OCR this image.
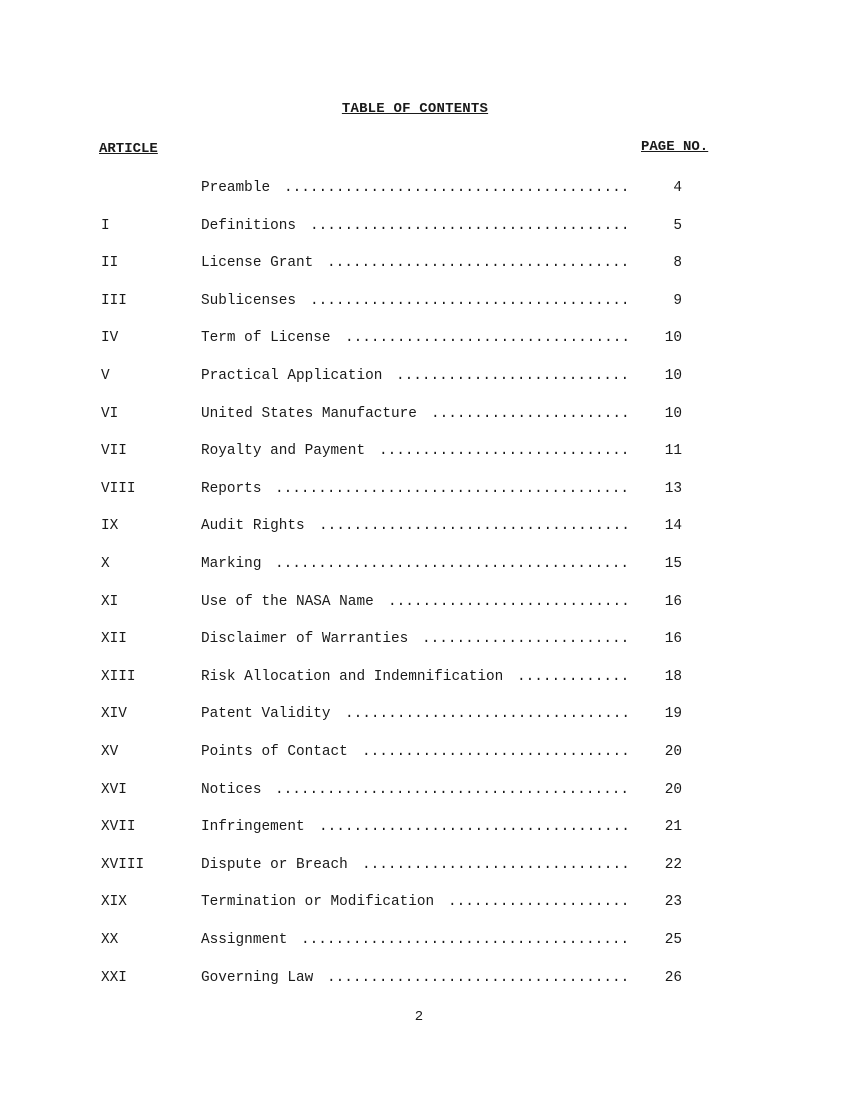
TABLE OF CONTENTS
ARTICLE	PAGE NO.
Preamble ........................................	4
I	Definitions .....................................	5
II	License Grant ...................................	8
III	Sublicenses .....................................	9
IV	Term of License ................................. 10
V	Practical Application ........................... 10
VI	United States Manufacture ....................... 10
VII	Royalty and Payment ............................. 11
VIII	Reports ......................................... 13
IX	Audit Rights .................................... 14
X	Marking ......................................... 15
XI	Use of the NASA Name ............................ 16
XII	Disclaimer of Warranties ........................ 16
XIII	Risk Allocation and Indemnification ............. 18
XIV	Patent Validity ................................. 19
XV	Points of Contact ............................... 20
XVI	Notices ......................................... 20
XVII	Infringement .................................... 21
XVIII	Dispute or Breach ............................... 22
XIX	Termination or Modification ..................... 23
XX	Assignment ...................................... 25
XXI	Governing Law ................................... 26
2
